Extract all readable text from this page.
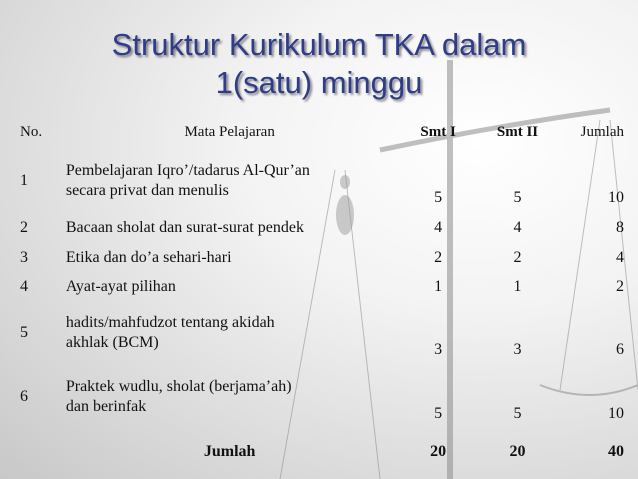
Struktur Kurikulum TKA dalam
1(satu) minggu
No.	Mata Pelajaran	Smt I	Smt II	Jumlah
1	Pembelajaran Iqro’/tadarus Al-Qur’an
secara privat dan menulis	5	5	10
2	Bacaan sholat dan surat-surat pendek	4	4	8
3	Etika dan do’a sehari-hari	2	2	4
4	Ayat-ayat pilihan	1	1	2
5	hadits/mahfudzot tentang akidah
akhlak (BCM)	3	3	6
6	Praktek wudlu, sholat (berjama’ah)
dan berinfak	5	5	10
	Jumlah	20	20	40
